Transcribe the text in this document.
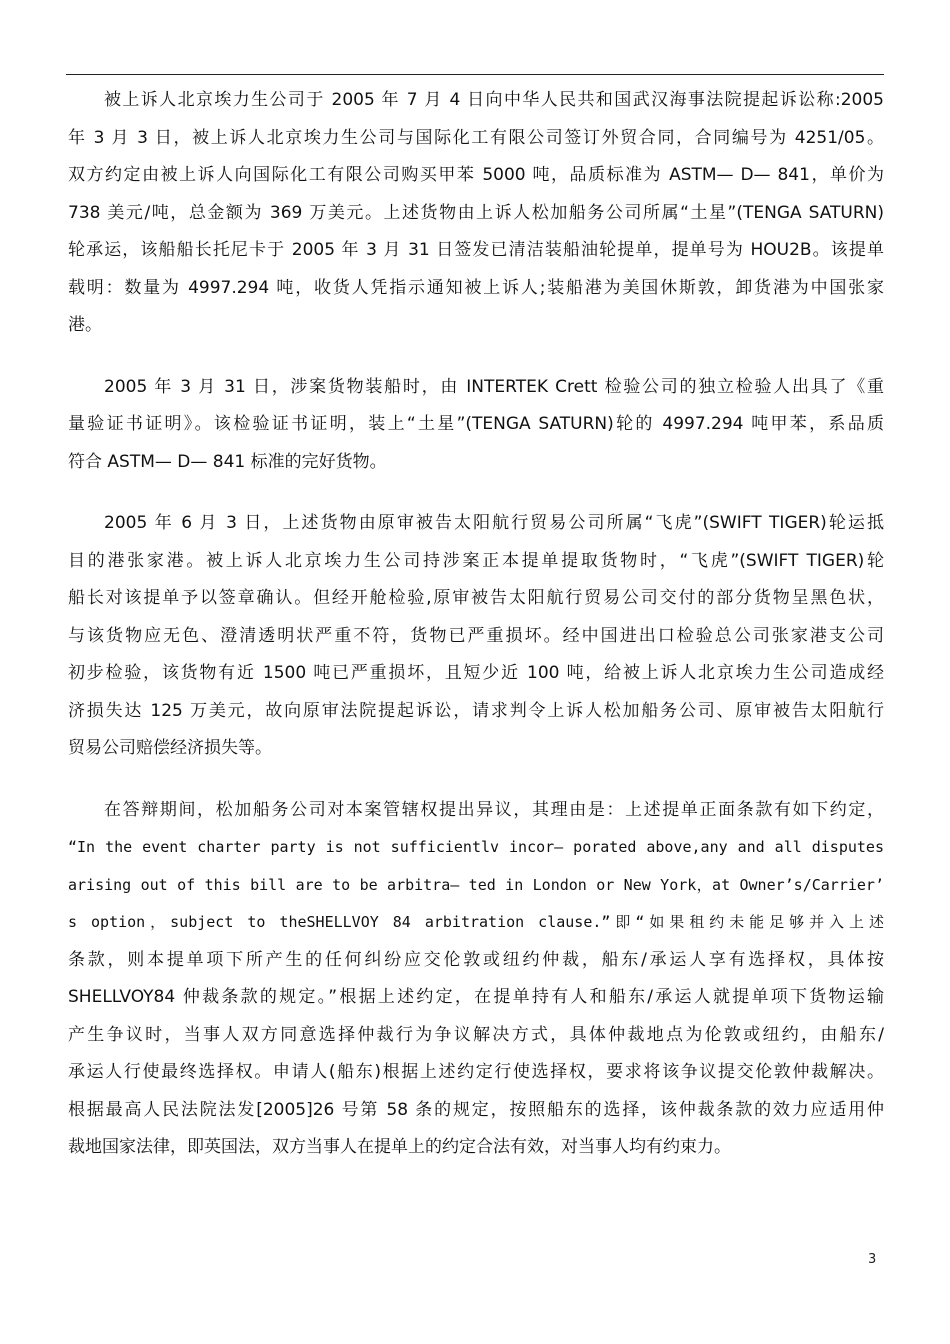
被上诉人北京埃力生公司于 2005 年 7 月 4 日向中华人民共和国武汉海事法院提起诉讼称:2005
年 3 月 3 日，被上诉人北京埃力生公司与国际化工有限公司签订外贸合同，合同编号为 4251/05。
双方约定由被上诉人向国际化工有限公司购买甲苯 5000 吨，品质标准为 ASTM— D— 841，单价为
738 美元/吨，总金额为 369 万美元。上述货物由上诉人松加船务公司所属“土星”(TENGA SATURN)
轮承运，该船船长托尼卡于 2005 年 3 月 31 日签发已清洁装船油轮提单，提单号为 HOU2B。该提单
载明：数量为 4997.294 吨，收货人凭指示通知被上诉人;装船港为美国休斯敦，卸货港为中国张家
港。
2005 年 3 月 31 日，涉案货物装船时，由 INTERTEK Crett 检验公司的独立检验人出具了《重
量验证书证明》。该检验证书证明，装上“土星”(TENGA SATURN)轮的 4997.294 吨甲苯，系品质
符合 ASTM— D— 841 标准的完好货物。
2005 年 6 月 3 日，上述货物由原审被告太阳航行贸易公司所属“飞虎”(SWIFT TIGER)轮运抵
目的港张家港。被上诉人北京埃力生公司持涉案正本提单提取货物时，“飞虎”(SWIFT TIGER)轮
船长对该提单予以签章确认。但经开舱检验,原审被告太阳航行贸易公司交付的部分货物呈黑色状，
与该货物应无色、澄清透明状严重不符，货物已严重损坏。经中国进出口检验总公司张家港支公司
初步检验，该货物有近 1500 吨已严重损坏，且短少近 100 吨，给被上诉人北京埃力生公司造成经
济损失达 125 万美元，故向原审法院提起诉讼，请求判令上诉人松加船务公司、原审被告太阳航行
贸易公司赔偿经济损失等。
在答辩期间，松加船务公司对本案管辖权提出异议，其理由是：上述提单正面条款有如下约定，
“In the event charter party is not sufficientlv incor— porated above,any and all disputes
arising out of this bill are to be arbitra— ted in London or New York，at Owner’s/Carrier’
s option，subject to theSHELLVOY 84 arbitration clause.”即“如果租约未能足够并入上述
条款，则本提单项下所产生的任何纠纷应交伦敦或纽约仲裁，船东/承运人享有选择权，具体按
SHELLVOY84 仲裁条款的规定。”根据上述约定，在提单持有人和船东/承运人就提单项下货物运输
产生争议时，当事人双方同意选择仲裁行为争议解决方式，具体仲裁地点为伦敦或纽约，由船东/
承运人行使最终选择权。申请人(船东)根据上述约定行使选择权，要求将该争议提交伦敦仲裁解决。
根据最高人民法院法发[2005]26 号第 58 条的规定，按照船东的选择，该仲裁条款的效力应适用仲
裁地国家法律，即英国法，双方当事人在提单上的约定合法有效，对当事人均有约束力。
3
